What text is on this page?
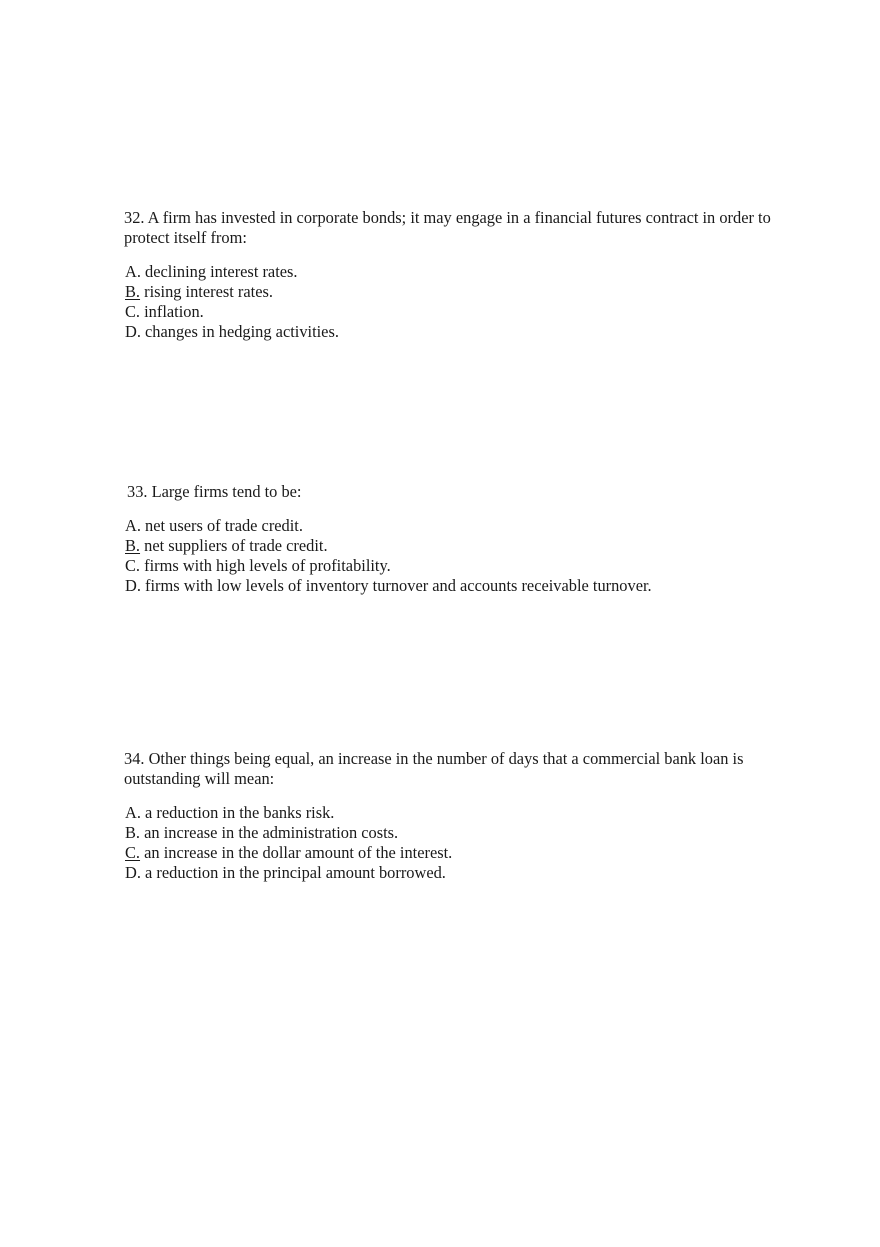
32. A firm has invested in corporate bonds; it may engage in a financial futures contract in order to protect itself from:

A. declining interest rates.
B. rising interest rates.
C. inflation.
D. changes in hedging activities.

33. Large firms tend to be:

A. net users of trade credit.
B. net suppliers of trade credit.
C. firms with high levels of profitability.
D. firms with low levels of inventory turnover and accounts receivable turnover.

34. Other things being equal, an increase in the number of days that a commercial bank loan is outstanding will mean:

A. a reduction in the banks risk.
B. an increase in the administration costs.
C. an increase in the dollar amount of the interest.
D. a reduction in the principal amount borrowed.
